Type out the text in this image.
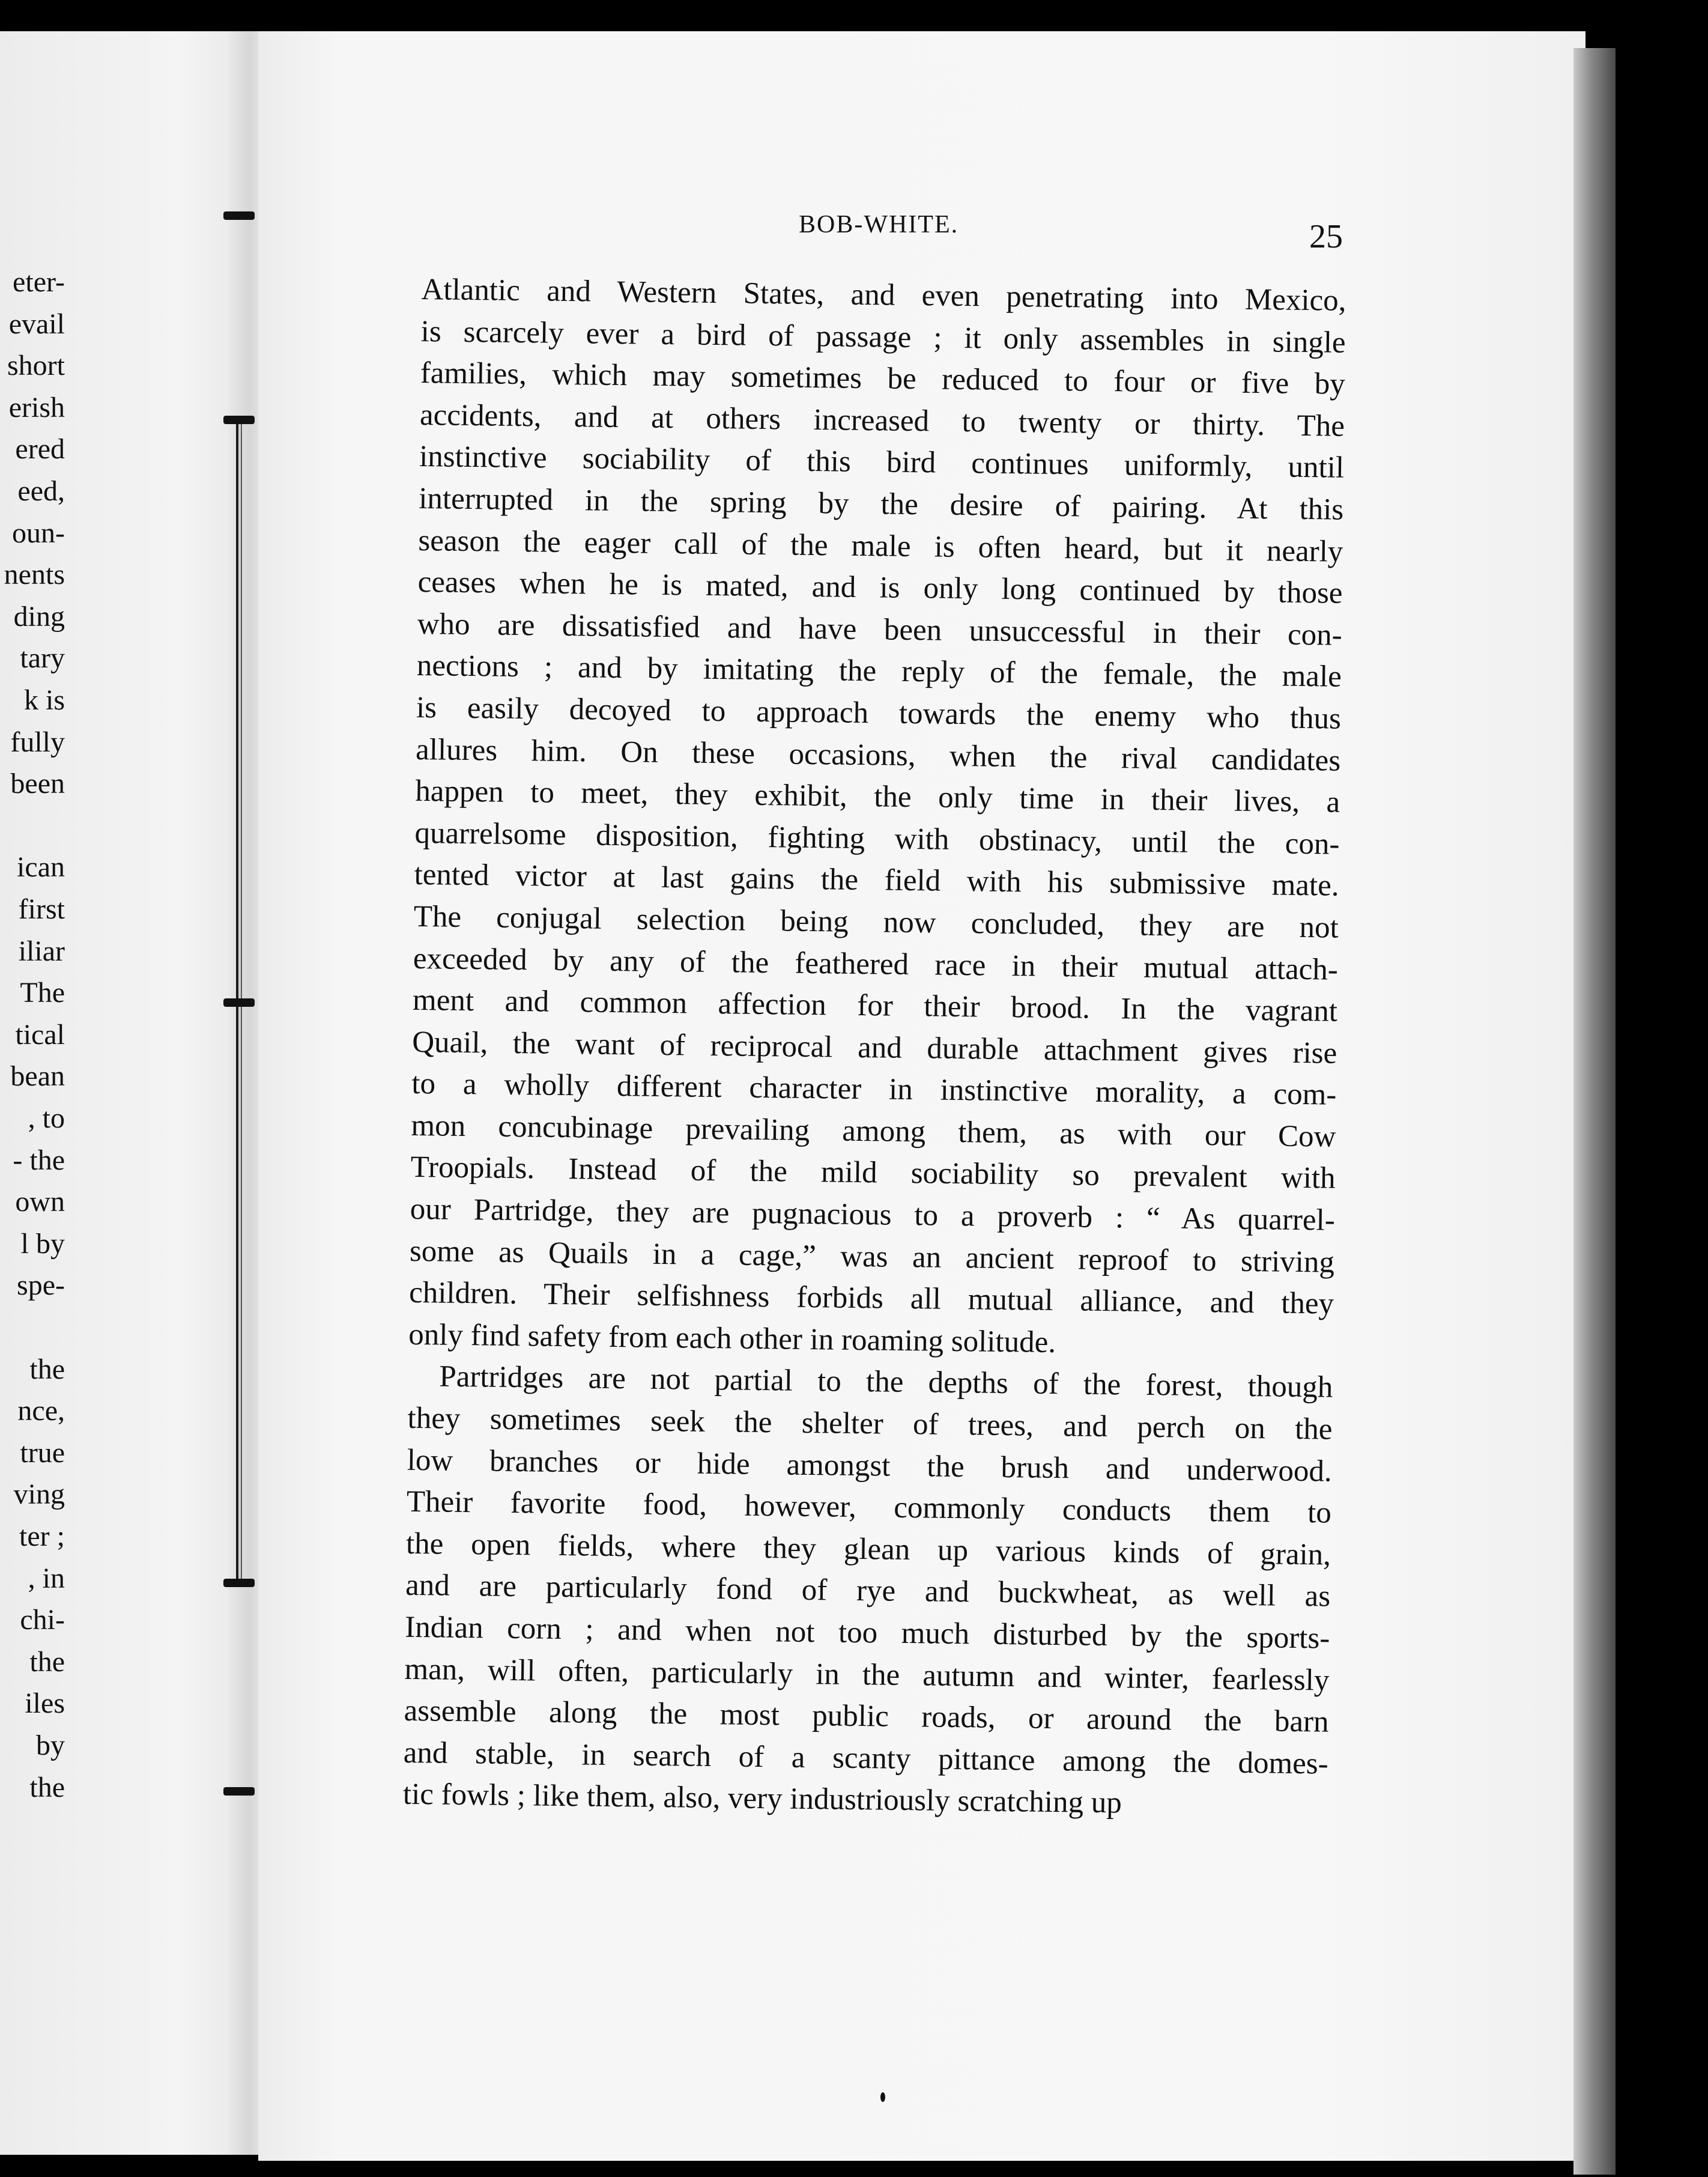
eter-
evail
short
erish
ered
eed,
oun-
nents
ding
tary
k is
fully
been
ican
first
iliar
The
tical
bean
, to
- the
own
l by
spe-
the
nce,
true
ving
ter ;
, in
chi-
the
iles
by
the
BOB-WHITE.	25
Atlantic and Western States, and even penetrating into Mexico,
is scarcely ever a bird of passage ; it only assembles in single
families, which may sometimes be reduced to four or five by
accidents, and at others increased to twenty or thirty. The
instinctive sociability of this bird continues uniformly, until
interrupted in the spring by the desire of pairing. At this
season the eager call of the male is often heard, but it nearly
ceases when he is mated, and is only long continued by those
who are dissatisfied and have been unsuccessful in their con-
nections ; and by imitating the reply of the female, the male
is easily decoyed to approach towards the enemy who thus
allures him. On these occasions, when the rival candidates
happen to meet, they exhibit, the only time in their lives, a
quarrelsome disposition, fighting with obstinacy, until the con-
tented victor at last gains the field with his submissive mate.
The conjugal selection being now concluded, they are not
exceeded by any of the feathered race in their mutual attach-
ment and common affection for their brood. In the vagrant
Quail, the want of reciprocal and durable attachment gives rise
to a wholly different character in instinctive morality, a com-
mon concubinage prevailing among them, as with our Cow
Troopials. Instead of the mild sociability so prevalent with
our Partridge, they are pugnacious to a proverb : “ As quarrel-
some as Quails in a cage,” was an ancient reproof to striving
children. Their selfishness forbids all mutual alliance, and they
only find safety from each other in roaming solitude.
Partridges are not partial to the depths of the forest, though
they sometimes seek the shelter of trees, and perch on the
low branches or hide amongst the brush and underwood.
Their favorite food, however, commonly conducts them to
the open fields, where they glean up various kinds of grain,
and are particularly fond of rye and buckwheat, as well as
Indian corn ; and when not too much disturbed by the sports-
man, will often, particularly in the autumn and winter, fearlessly
assemble along the most public roads, or around the barn
and stable, in search of a scanty pittance among the domes-
tic fowls ; like them, also, very industriously scratching up
